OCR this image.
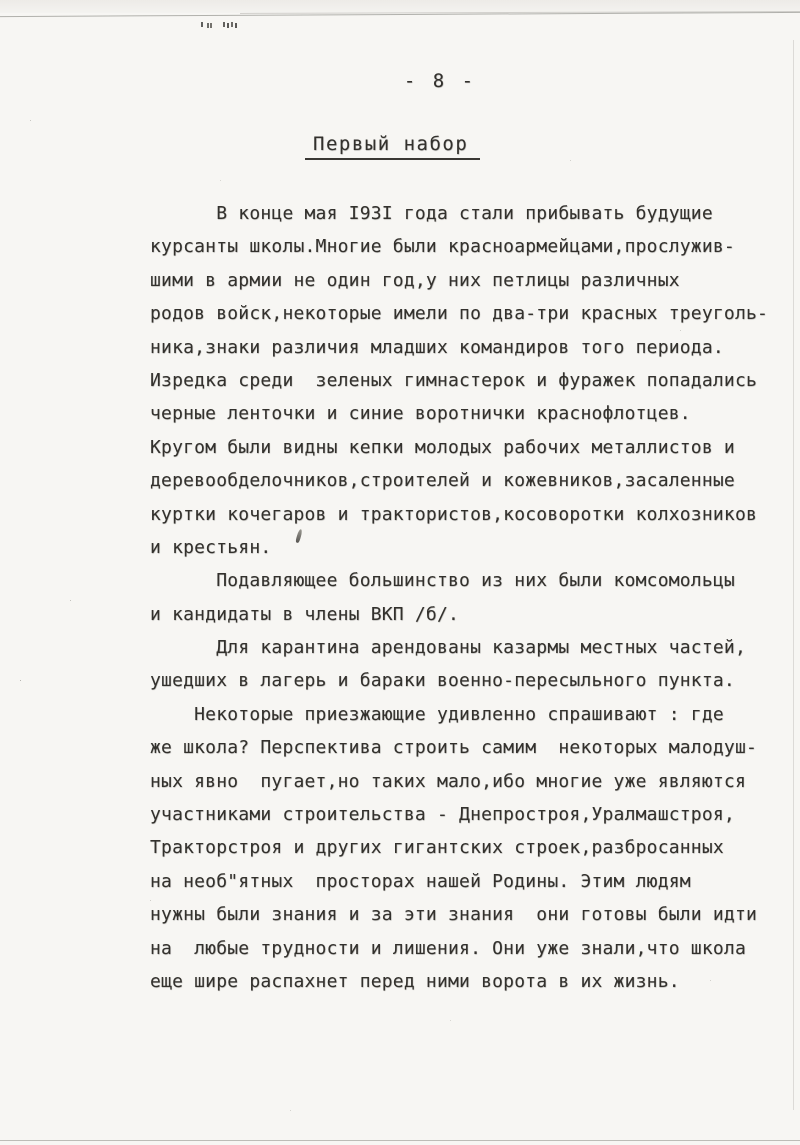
- 8 -
Первый набор
В конце мая I93I года стали прибывать будущие
курсанты школы.Многие были красноармейцами,прослужив-
шими в армии не один год,у них петлицы различных
родов войск,некоторые имели по два-три красных треуголь-
ника,знаки различия младших командиров того периода.
Изредка среди  зеленых гимнастерок и фуражек попадались
черные ленточки и синие воротнички краснофлотцев.
Кругом были видны кепки молодых рабочих металлистов и
деревообделочников,строителей и кожевников,засаленные
куртки кочегаров и трактористов,косоворотки колхозников
и крестьян.
Подавляющее большинство из них были комсомольцы
и кандидаты в члены ВКП /б/.
Для карантина арендованы казармы местных частей,
ушедших в лагерь и бараки военно-пересыльного пункта.
Некоторые приезжающие удивленно спрашивают : где
же школа? Перспектива строить самим  некоторых малодуш-
ных явно  пугает,но таких мало,ибо многие уже являются
участниками строительства - Днепростроя,Уралмашстроя,
Тракторстроя и других гигантских строек,разбросанных
на необ"ятных  просторах нашей Родины. Этим людям
нужны были знания и за эти знания  они готовы были идти
на  любые трудности и лишения. Они уже знали,что школа
еще шире распахнет перед ними ворота в их жизнь.
